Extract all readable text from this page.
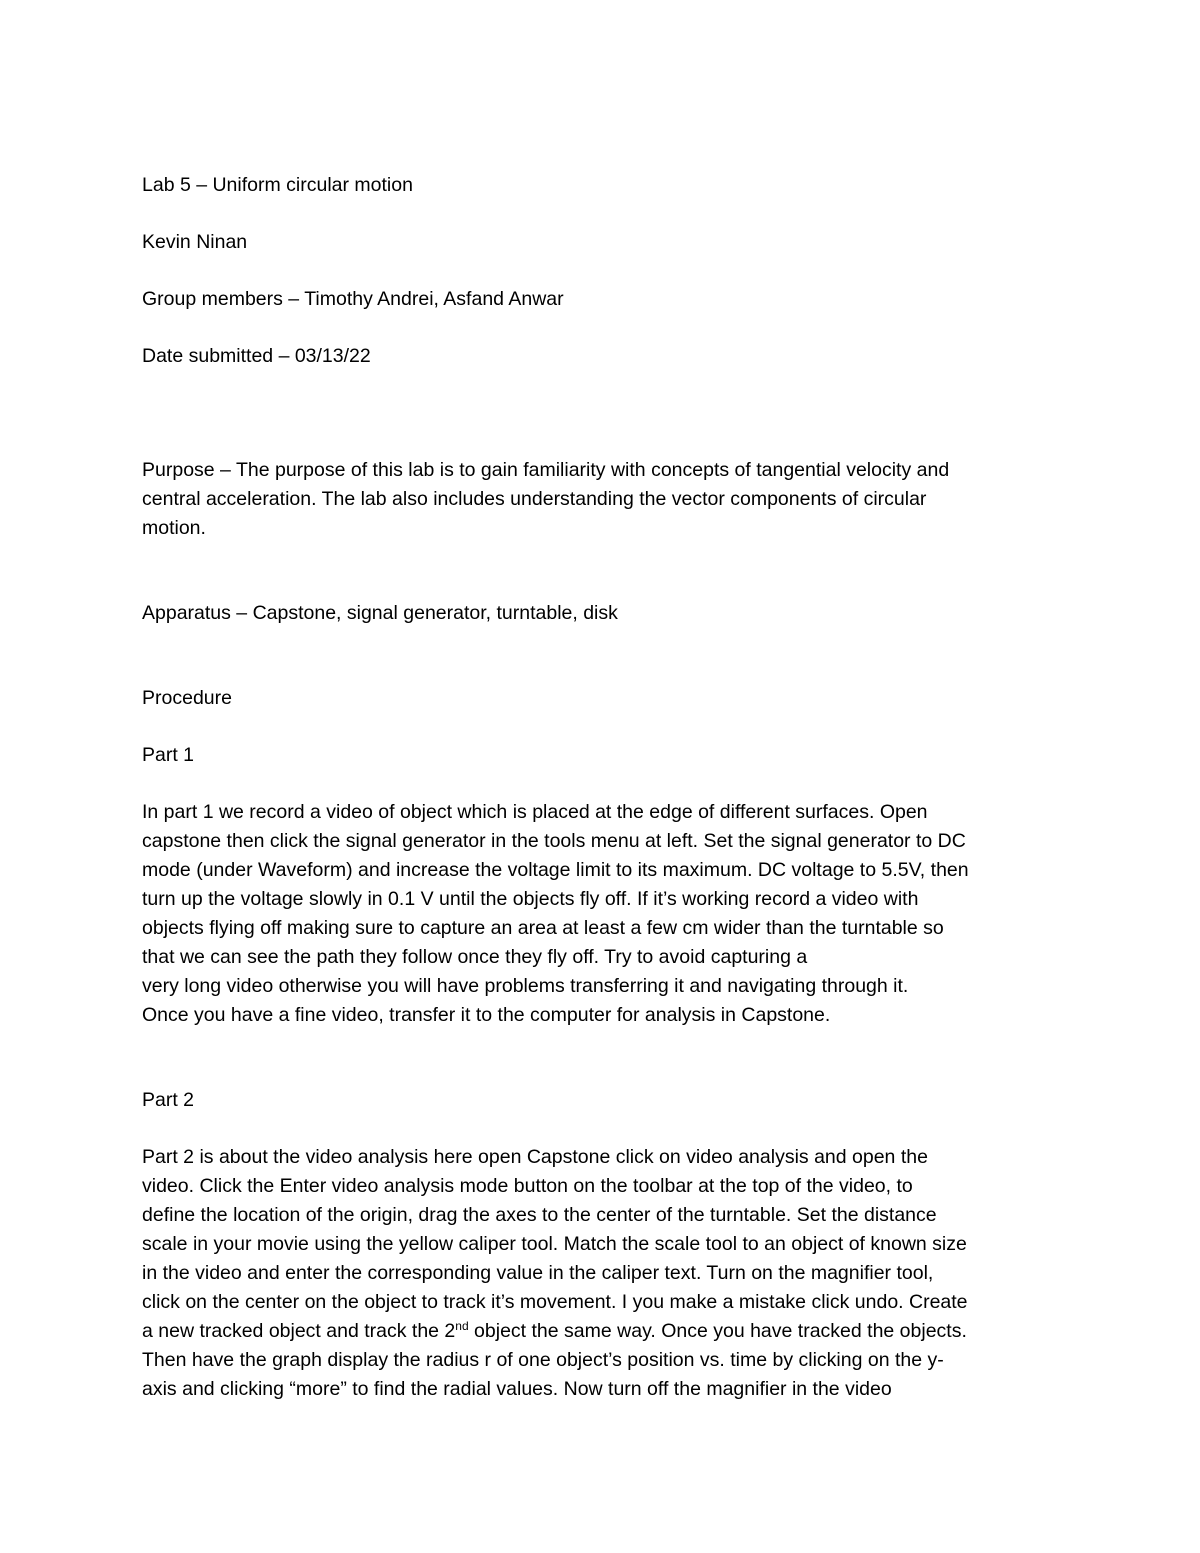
Lab 5 – Uniform circular motion

Kevin Ninan

Group members – Timothy Andrei, Asfand Anwar

Date submitted – 03/13/22

Purpose – The purpose of this lab is to gain familiarity with concepts of tangential velocity and
central acceleration. The lab also includes understanding the vector components of circular
motion.

Apparatus – Capstone, signal generator, turntable, disk

Procedure

Part 1

In part 1 we record a video of object which is placed at the edge of different surfaces. Open
capstone then click the signal generator in the tools menu at left. Set the signal generator to DC
mode (under Waveform) and increase the voltage limit to its maximum. DC voltage to 5.5V, then
turn up the voltage slowly in 0.1 V until the objects fly off. If it’s working record a video with
objects flying off making sure to capture an area at least a few cm wider than the turntable so
that we can see the path they follow once they fly off. Try to avoid capturing a
very long video otherwise you will have problems transferring it and navigating through it.
Once you have a fine video, transfer it to the computer for analysis in Capstone.

Part 2

Part 2 is about the video analysis here open Capstone click on video analysis and open the
video. Click the Enter video analysis mode button on the toolbar at the top of the video, to
define the location of the origin, drag the axes to the center of the turntable. Set the distance
scale in your movie using the yellow caliper tool. Match the scale tool to an object of known size
in the video and enter the corresponding value in the caliper text. Turn on the magnifier tool,
click on the center on the object to track it’s movement. I you make a mistake click undo. Create
a new tracked object and track the 2nd object the same way. Once you have tracked the objects.
Then have the graph display the radius r of one object’s position vs. time by clicking on the y-
axis and clicking “more” to find the radial values. Now turn off the magnifier in the video
